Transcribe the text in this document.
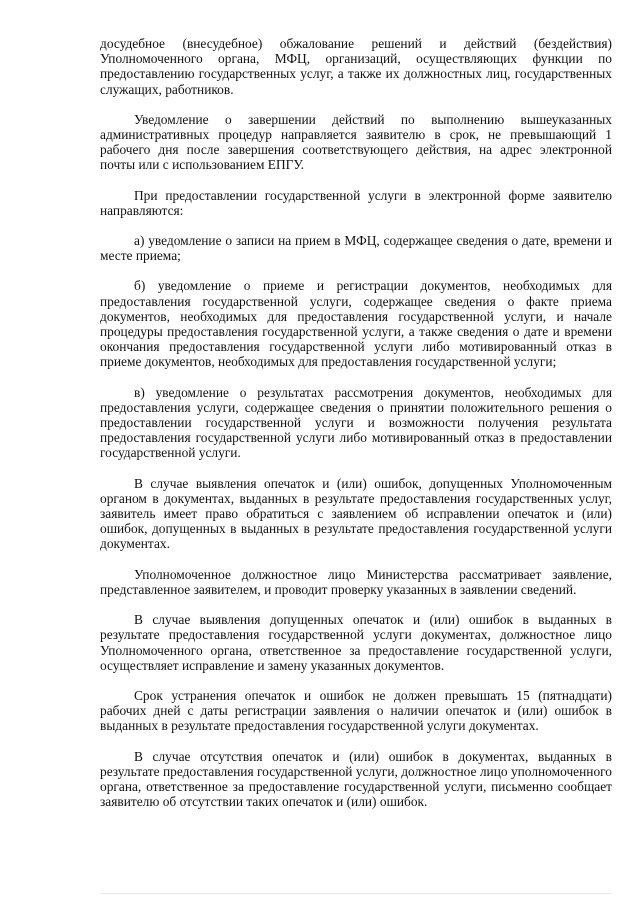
досудебное (внесудебное) обжалование решений и действий (бездействия) Уполномоченного органа, МФЦ, организаций, осуществляющих функции по предоставлению государственных услуг, а также их должностных лиц, государственных служащих, работников.

Уведомление о завершении действий по выполнению вышеуказанных административных процедур направляется заявителю в срок, не превышающий 1 рабочего дня после завершения соответствующего действия, на адрес электронной почты или с использованием ЕПГУ.

При предоставлении государственной услуги в электронной форме заявителю направляются:

а) уведомление о записи на прием в МФЦ, содержащее сведения о дате, времени и месте приема;

б) уведомление о приеме и регистрации документов, необходимых для предоставления государственной услуги, содержащее сведения о факте приема документов, необходимых для предоставления государственной услуги, и начале процедуры предоставления государственной услуги, а также сведения о дате и времени окончания предоставления государственной услуги либо мотивированный отказ в приеме документов, необходимых для предоставления государственной услуги;

в) уведомление о результатах рассмотрения документов, необходимых для предоставления услуги, содержащее сведения о принятии положительного решения о предоставлении государственной услуги и возможности получения результата предоставления государственной услуги либо мотивированный отказ в предоставлении государственной услуги.

В случае выявления опечаток и (или) ошибок, допущенных Уполномоченным органом в документах, выданных в результате предоставления государственных услуг, заявитель имеет право обратиться с заявлением об исправлении опечаток и (или) ошибок, допущенных в выданных в результате предоставления государственной услуги документах.

Уполномоченное должностное лицо Министерства рассматривает заявление, представленное заявителем, и проводит проверку указанных в заявлении сведений.

В случае выявления допущенных опечаток и (или) ошибок в выданных в результате предоставления государственной услуги документах, должностное лицо Уполномоченного органа, ответственное за предоставление государственной услуги, осуществляет исправление и замену указанных документов.

Срок устранения опечаток и ошибок не должен превышать 15 (пятнадцати) рабочих дней с даты регистрации заявления о наличии опечаток и (или) ошибок в выданных в результате предоставления государственной услуги документах.

В случае отсутствия опечаток и (или) ошибок в документах, выданных в результате предоставления государственной услуги, должностное лицо уполномоченного органа, ответственное за предоставление государственной услуги, письменно сообщает заявителю об отсутствии таких опечаток и (или) ошибок.
